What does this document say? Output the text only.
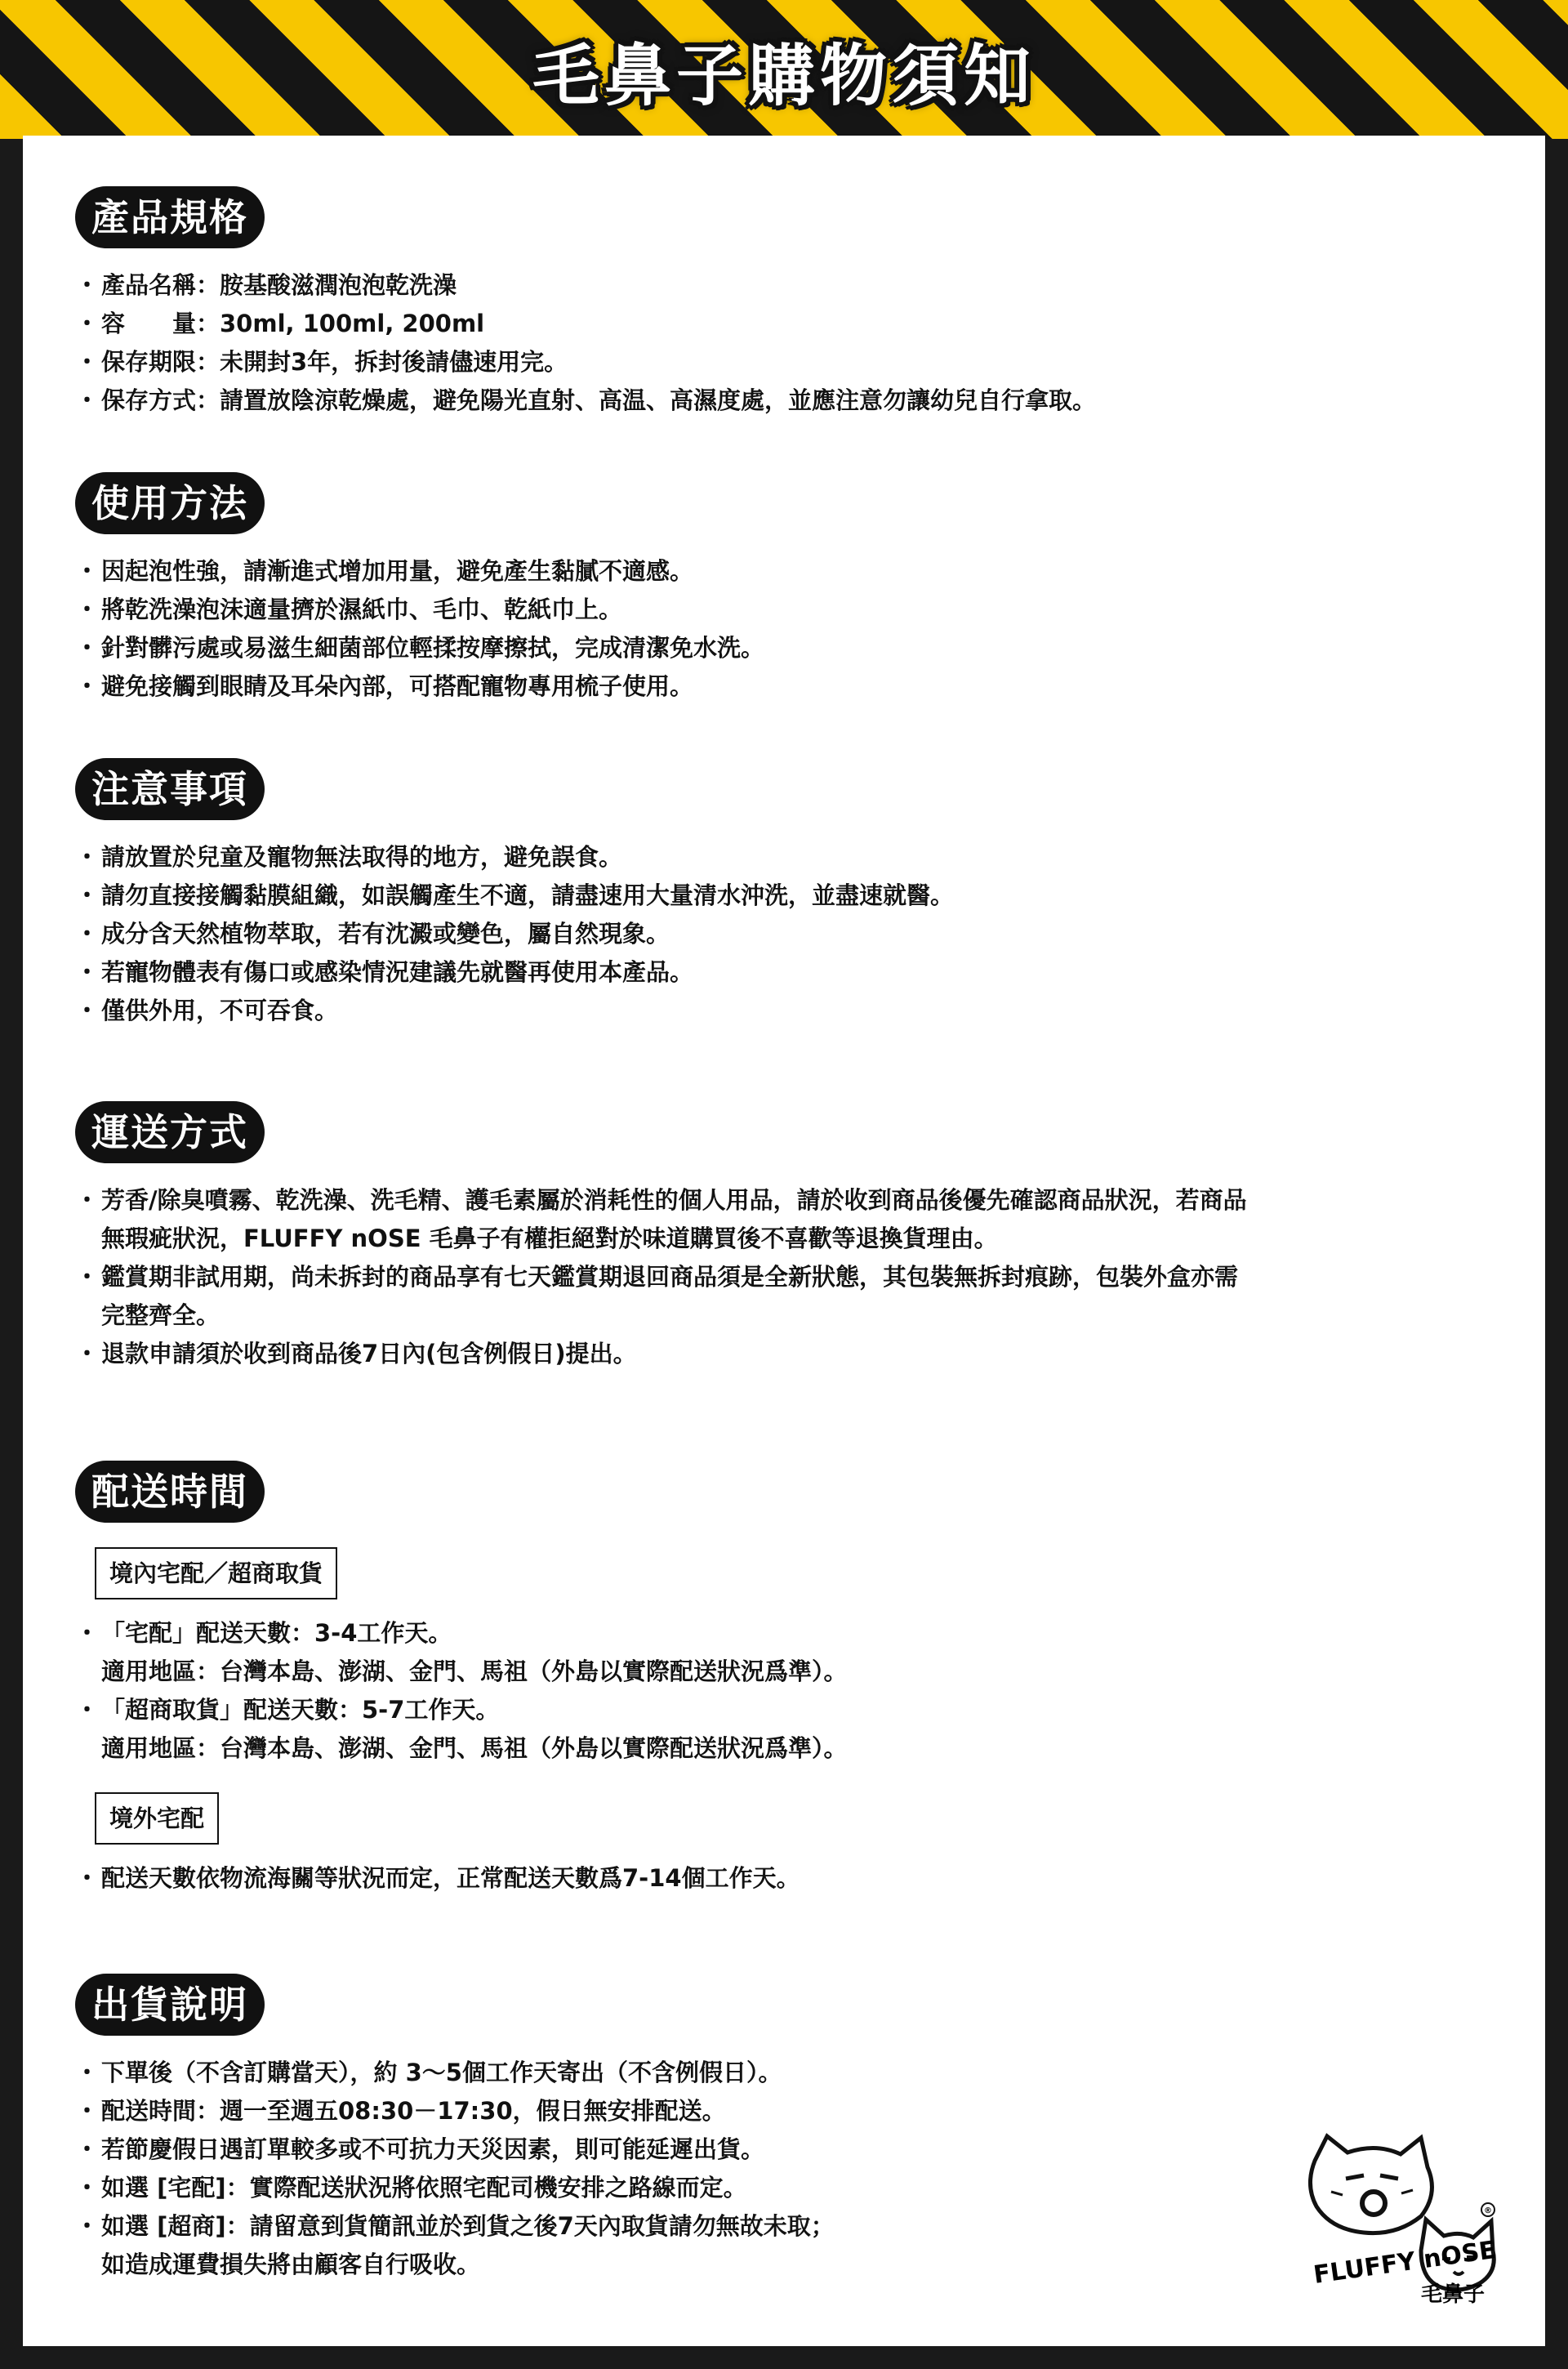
毛鼻子購物須知
產品規格
・ 產品名稱：胺基酸滋潤泡泡乾洗澡
・ 容　　量：30ml, 100ml, 200ml
・ 保存期限：未開封3年，拆封後請儘速用完。
・ 保存方式：請置放陰涼乾燥處，避免陽光直射、高温、高濕度處，並應注意勿讓幼兒自行拿取。
使用方法
・ 因起泡性強，請漸進式增加用量，避免產生黏膩不適感。
・ 將乾洗澡泡沫適量擠於濕紙巾、毛巾、乾紙巾上。
・ 針對髒污處或易滋生細菌部位輕揉按摩擦拭，完成清潔免水洗。
・ 避免接觸到眼睛及耳朵內部，可搭配寵物專用梳子使用。
注意事項
・ 請放置於兒童及寵物無法取得的地方，避免誤食。
・ 請勿直接接觸黏膜組織，如誤觸產生不適，請盡速用大量清水沖洗，並盡速就醫。
・ 成分含天然植物萃取，若有沈澱或變色，屬自然現象。
・ 若寵物體表有傷口或感染情況建議先就醫再使用本產品。
・ 僅供外用，不可吞食。
運送方式
・ 芳香/除臭噴霧、乾洗澡、洗毛精、護毛素屬於消耗性的個人用品，請於收到商品後優先確認商品狀況，若商品
無瑕疵狀況，FLUFFY nOSE 毛鼻子有權拒絕對於味道購買後不喜歡等退換貨理由。
・ 鑑賞期非試用期，尚未拆封的商品享有七天鑑賞期退回商品須是全新狀態，其包裝無拆封痕跡，包裝外盒亦需
完整齊全。
・ 退款申請須於收到商品後7日內(包含例假日)提出。
配送時間
境內宅配／超商取貨
・ 「宅配」配送天數：3-4工作天。
適用地區：台灣本島、澎湖、金門、馬祖（外島以實際配送狀況爲準）。
・ 「超商取貨」配送天數：5-7工作天。
適用地區：台灣本島、澎湖、金門、馬祖（外島以實際配送狀況爲準）。
境外宅配
・ 配送天數依物流海關等狀況而定，正常配送天數爲7-14個工作天。
出貨說明
・ 下單後（不含訂購當天），約 3〜5個工作天寄出（不含例假日）。
・ 配送時間：週一至週五08:30－17:30，假日無安排配送。
・ 若節慶假日遇訂單較多或不可抗力天災因素，則可能延遲出貨。
・ 如選 [宅配]：實際配送狀況將依照宅配司機安排之路線而定。
・ 如選 [超商]：請留意到貨簡訊並於到貨之後7天內取貨請勿無故未取；
如造成運費損失將由顧客自行吸收。
®
FLUFFY nOSE
毛鼻子
